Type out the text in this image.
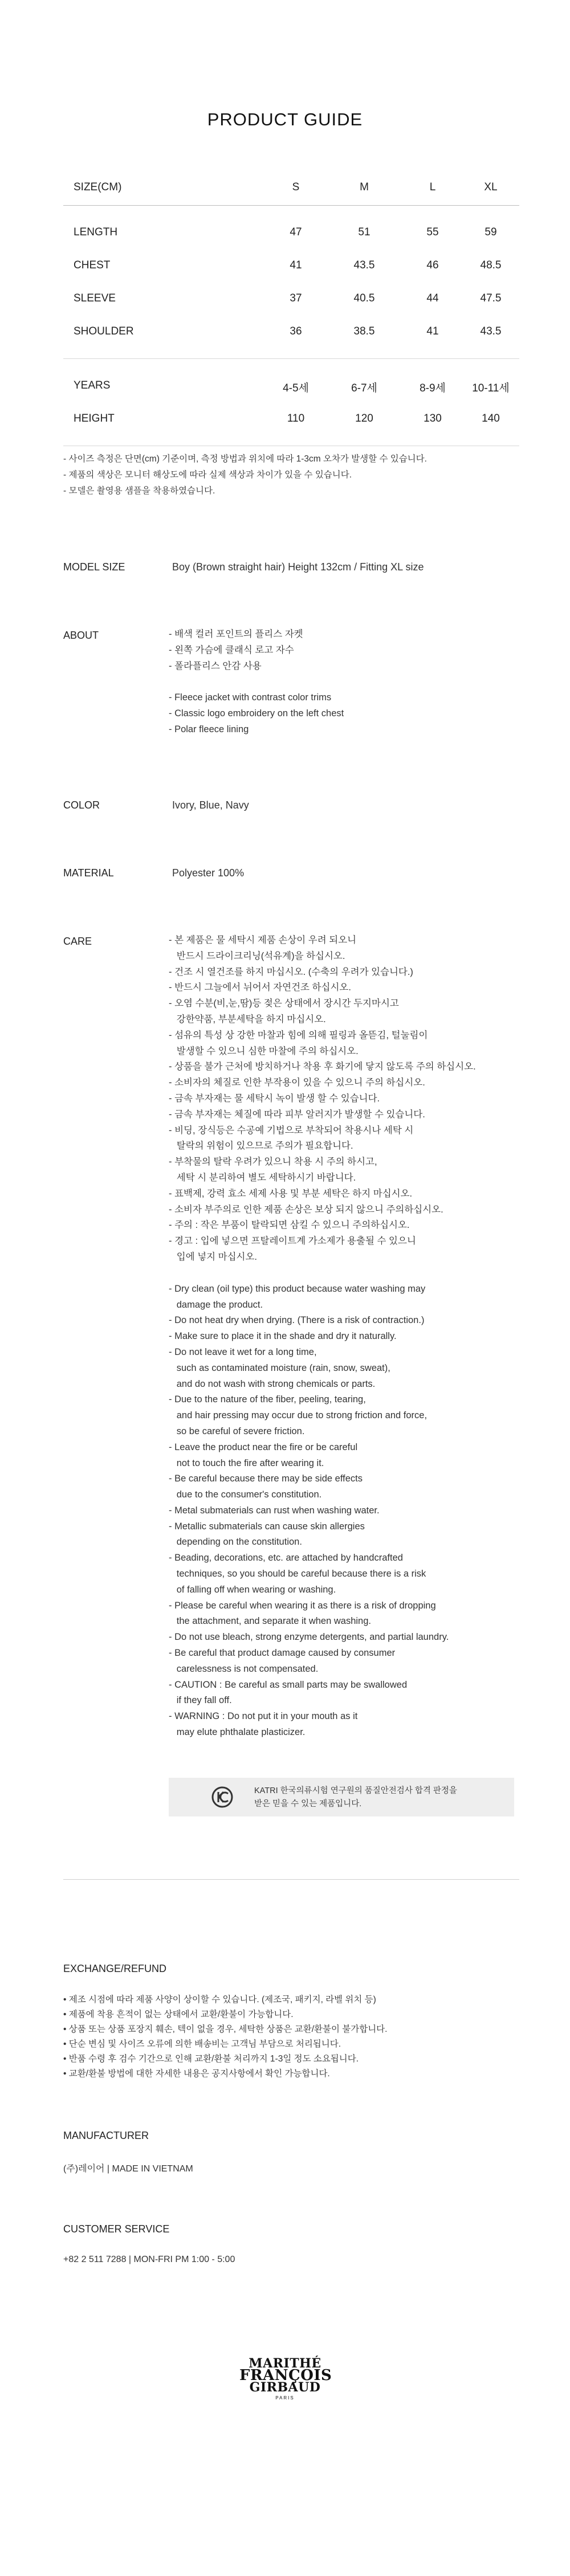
PRODUCT GUIDE
SIZE(CM)	S	M	L	XL
LENGTH	47	51	55	59
CHEST	41	43.5	46	48.5
SLEEVE	37	40.5	44	47.5
SHOULDER	36	38.5	41	43.5
YEARS	4-5세	6-7세	8-9세	10-11세
HEIGHT	110	120	130	140
- 사이즈 측정은 단면(cm) 기준이며, 측정 방법과 위치에 따라 1-3cm 오차가 발생할 수 있습니다.
- 제품의 색상은 모니터 해상도에 따라 실제 색상과 차이가 있을 수 있습니다.
- 모델은 촬영용 샘플을 착용하였습니다.
MODEL SIZE	Boy (Brown straight hair) Height 132cm / Fitting XL size
ABOUT	- 배색 컬러 포인트의 플리스 자켓
- 왼쪽 가슴에 클래식 로고 자수
- 폴라플리스 안감 사용
- Fleece jacket with contrast color trims
- Classic logo embroidery on the left chest
- Polar fleece lining
COLOR	Ivory, Blue, Navy
MATERIAL	Polyester 100%
CARE	- 본 제품은 물 세탁시 제품 손상이 우려 되오니
반드시 드라이크리닝(석유계)을 하십시오.
- 건조 시 열건조를 하지 마십시오. (수축의 우려가 있습니다.)
- 반드시 그늘에서 뉘어서 자연건조 하십시오.
- 오염 수분(비,눈,땀)등 젖은 상태에서 장시간 두지마시고
강한약품, 부분세탁을 하지 마십시오.
- 섬유의 특성 상 강한 마찰과 힘에 의해 필링과 올뜯김, 털눌림이
발생할 수 있으니 심한 마찰에 주의 하십시오.
- 상품을 불가 근처에 방치하거나 착용 후 화기에 닿지 않도록 주의 하십시오.
- 소비자의 체질로 인한 부작용이 있을 수 있으니 주의 하십시오.
- 금속 부자재는 물 세탁시 녹이 발생 할 수 있습니다.
- 금속 부자재는 체질에 따라 피부 알러지가 발생할 수 있습니다.
- 비딩, 장식등은 수공예 기법으로 부착되어 착용시나 세탁 시
탈락의 위험이 있으므로 주의가 필요합니다.
- 부착물의 탈락 우려가 있으니 착용 시 주의 하시고,
세탁 시 분리하여 별도 세탁하시기 바랍니다.
- 표백제, 강력 효소 세제 사용 및 부분 세탁은 하지 마십시오.
- 소비자 부주의로 인한 제품 손상은 보상 되지 않으니 주의하십시오.
- 주의 : 작은 부품이 탈락되면 삼킬 수 있으니 주의하십시오.
- 경고 : 입에 넣으면 프탈레이트계 가소제가 용출될 수 있으니
입에 넣지 마십시오.
- Dry clean (oil type) this product because water washing may
damage the product.
- Do not heat dry when drying. (There is a risk of contraction.)
- Make sure to place it in the shade and dry it naturally.
- Do not leave it wet for a long time,
such as contaminated moisture (rain, snow, sweat),
and do not wash with strong chemicals or parts.
- Due to the nature of the fiber, peeling, tearing,
and hair pressing may occur due to strong friction and force,
so be careful of severe friction.
- Leave the product near the fire or be careful
not to touch the fire after wearing it.
- Be careful because there may be side effects
due to the consumer's constitution.
- Metal submaterials can rust when washing water.
- Metallic submaterials can cause skin allergies
depending on the constitution.
- Beading, decorations, etc. are attached by handcrafted
techniques, so you should be careful because there is a risk
of falling off when wearing or washing.
- Please be careful when wearing it as there is a risk of dropping
the attachment, and separate it when washing.
- Do not use bleach, strong enzyme detergents, and partial laundry.
- Be careful that product damage caused by consumer
carelessness is not compensated.
- CAUTION : Be careful as small parts may be swallowed
if they fall off.
- WARNING : Do not put it in your mouth as it
may elute phthalate plasticizer.
KATRI 한국의류시험 연구원의 품질안전검사 합격 판정을
받은 믿을 수 있는 제품입니다.
EXCHANGE/REFUND
• 제조 시점에 따라 제품 사양이 상이할 수 있습니다. (제조국, 패키지, 라벨 위치 등)
• 제품에 착용 흔적이 없는 상태에서 교환/환불이 가능합니다.
• 상품 또는 상품 포장지 훼손, 텍이 없을 경우, 세탁한 상품은 교환/환불이 불가합니다.
• 단순 변심 및 사이즈 오류에 의한 배송비는 고객님 부담으로 처리됩니다.
• 반품 수령 후 검수 기간으로 인해 교환/환불 처리까지 1-3일 정도 소요됩니다.
• 교환/환불 방법에 대한 자세한 내용은 공지사항에서 확인 가능합니다.
MANUFACTURER
(주)레이어 | MADE IN VIETNAM
CUSTOMER SERVICE
+82 2 511 7288 | MON-FRI PM 1:00 - 5:00
MARITHÉ
FRANÇOIS
GIRBAUD
PARIS
